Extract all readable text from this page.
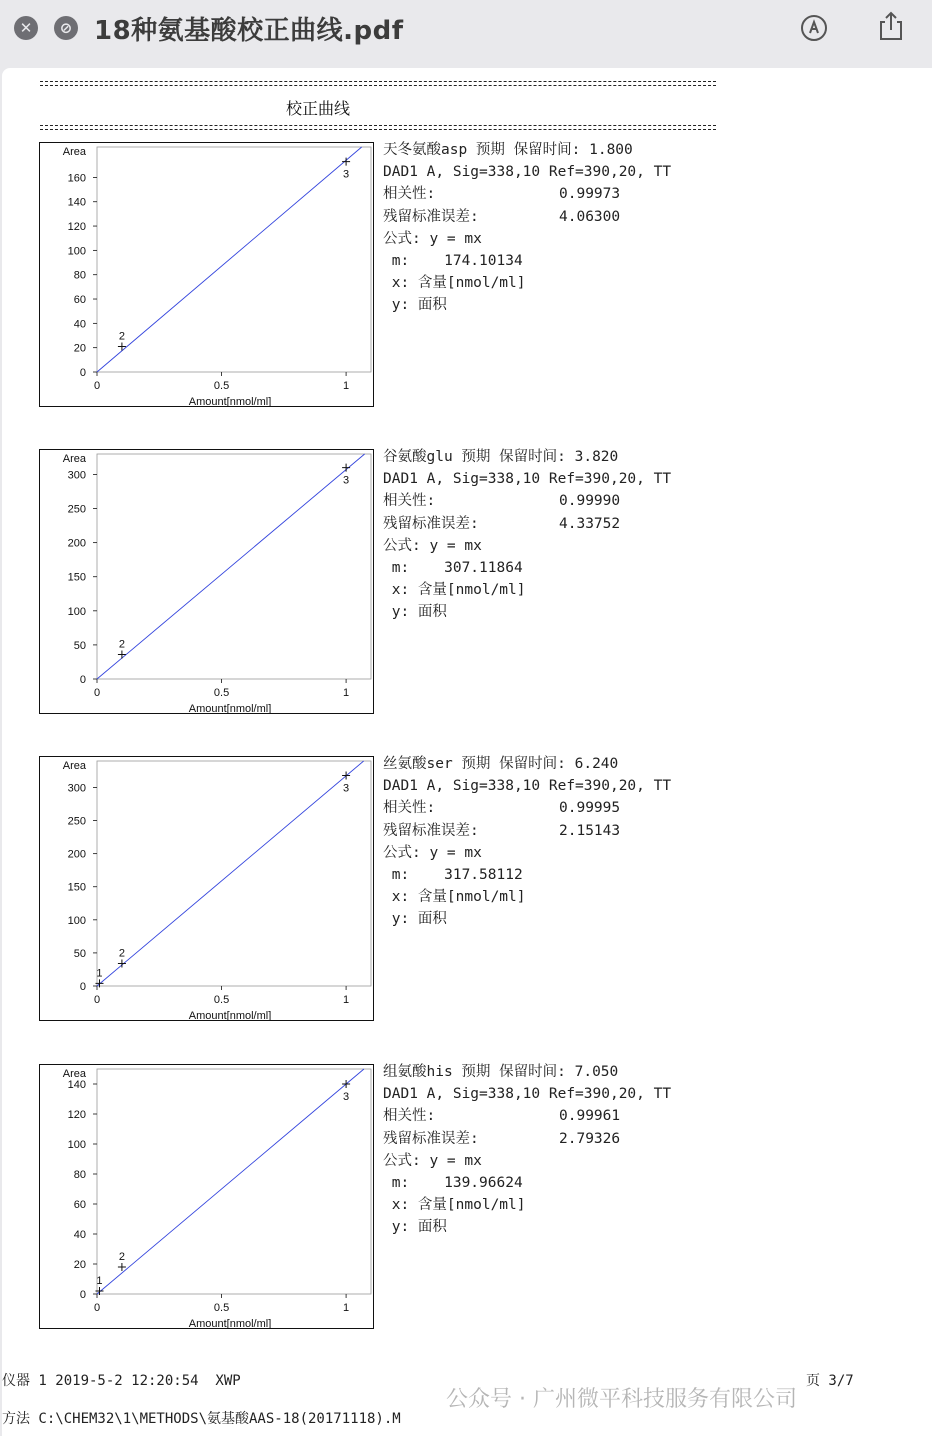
✕	⊘ 18种氨基酸校正曲线.pdf
校正曲线
Area
Amount[nmol/ml]
0
20
40
60
80
100
120
140
160
0	0.5	1
2
3
天冬氨酸asp 预期 保留时间: 1.800
DAD1 A, Sig=338,10 Ref=390,20, TT
相关性:	0.99973
残留标准误差:	4.06300
公式: y = mx
m:    174.10134
x: 含量[nmol/ml]
y: 面积
Area
Amount[nmol/ml]
0
50
100
150
200
250
300
0	0.5	1
2
3
谷氨酸glu 预期 保留时间: 3.820
DAD1 A, Sig=338,10 Ref=390,20, TT
相关性:	0.99990
残留标准误差:	4.33752
公式: y = mx
m:    307.11864
x: 含量[nmol/ml]
y: 面积
Area
Amount[nmol/ml]
0
50
100
150
200
250
300
0	0.5	1
1
2
3
丝氨酸ser 预期 保留时间: 6.240
DAD1 A, Sig=338,10 Ref=390,20, TT
相关性:	0.99995
残留标准误差:	2.15143
公式: y = mx
m:    317.58112
x: 含量[nmol/ml]
y: 面积
Area
Amount[nmol/ml]
0
20
40
60
80
100
120
140
0	0.5	1
1
2
3
组氨酸his 预期 保留时间: 7.050
DAD1 A, Sig=338,10 Ref=390,20, TT
相关性:	0.99961
残留标准误差:	2.79326
公式: y = mx
m:    139.96624
x: 含量[nmol/ml]
y: 面积
仪器 1 2019-5-2 12:20:54  XWP	页 3/7
方法 C:\CHEM32\1\METHODS\氨基酸AAS-18(20171118).M
公众号 · 广州微平科技服务有限公司
